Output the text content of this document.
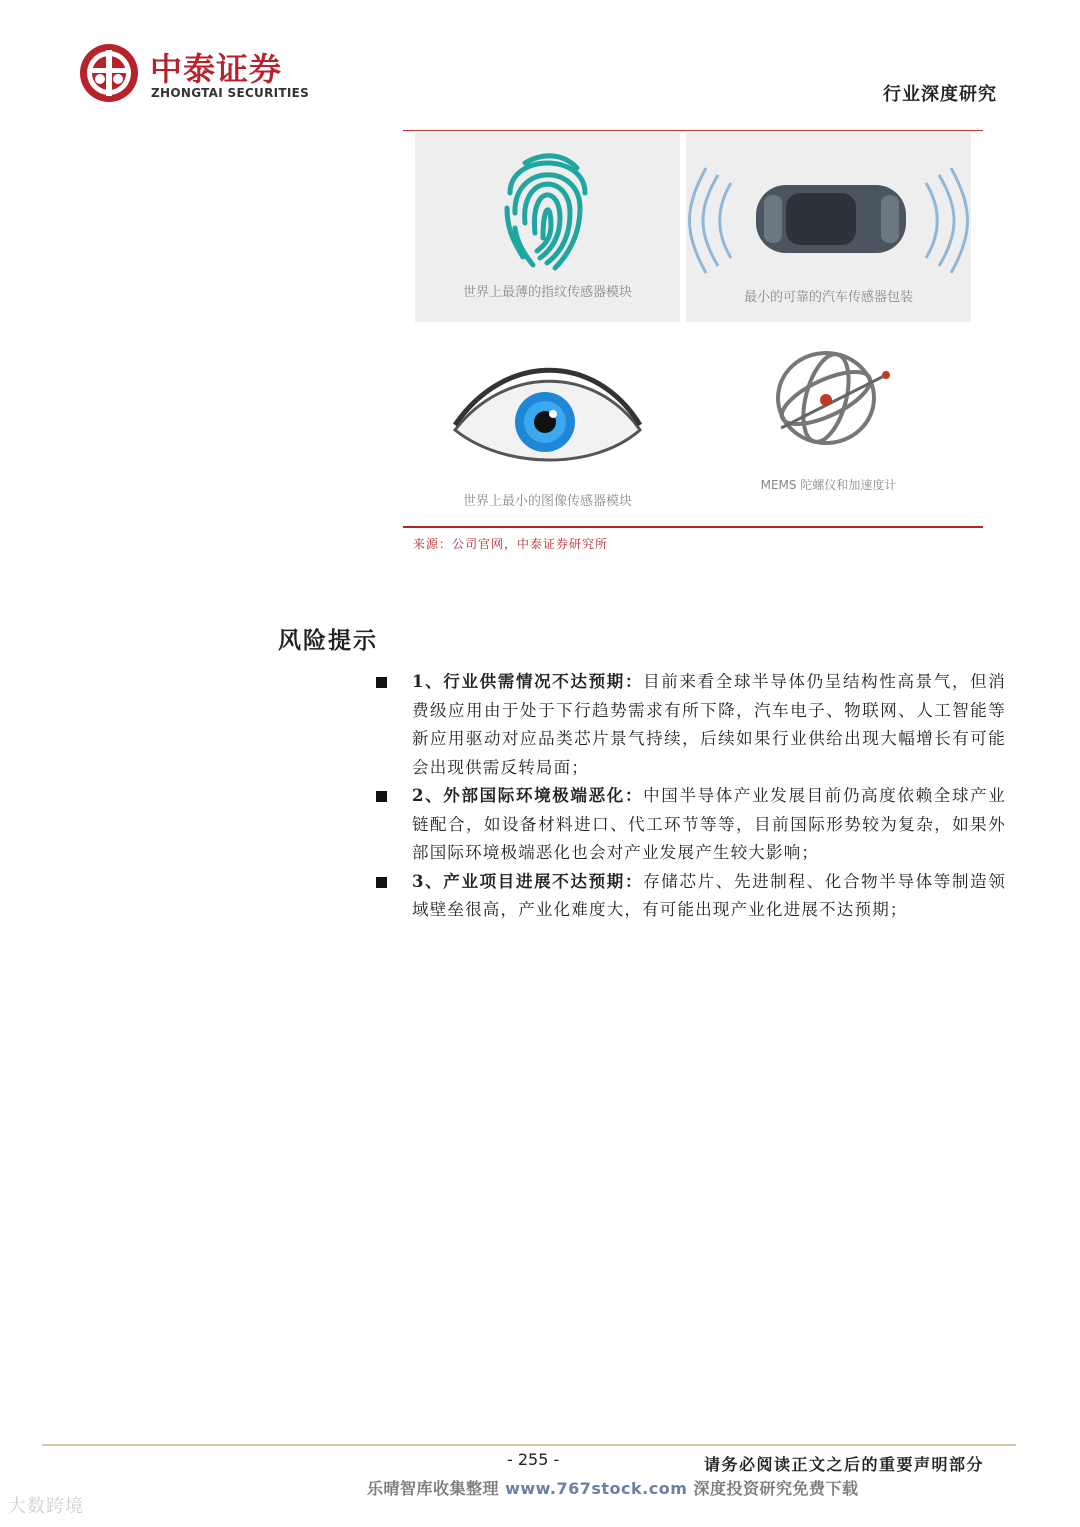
中泰证券
ZHONGTAI SECURITIES	行业深度研究
世界上最薄的指纹传感器模块	最小的可靠的汽车传感器包装
世界上最小的图像传感器模块
MEMS 陀螺仪和加速度计
来源：公司官网，中泰证券研究所
风险提示
1、行业供需情况不达预期：目前来看全球半导体仍呈结构性高景气，但消费级应用由于处于下行趋势需求有所下降，汽车电子、物联网、人工智能等新应用驱动对应品类芯片景气持续，后续如果行业供给出现大幅增长有可能会出现供需反转局面；
2、外部国际环境极端恶化：中国半导体产业发展目前仍高度依赖全球产业链配合，如设备材料进口、代工环节等等，目前国际形势较为复杂，如果外部国际环境极端恶化也会对产业发展产生较大影响；
3、产业项目进展不达预期：存储芯片、先进制程、化合物半导体等制造领域壁垒很高，产业化难度大，有可能出现产业化进展不达预期；
- 255 -	请务必阅读正文之后的重要声明部分
乐晴智库收集整理 www.767stock.com 深度投资研究免费下载
大数跨境
